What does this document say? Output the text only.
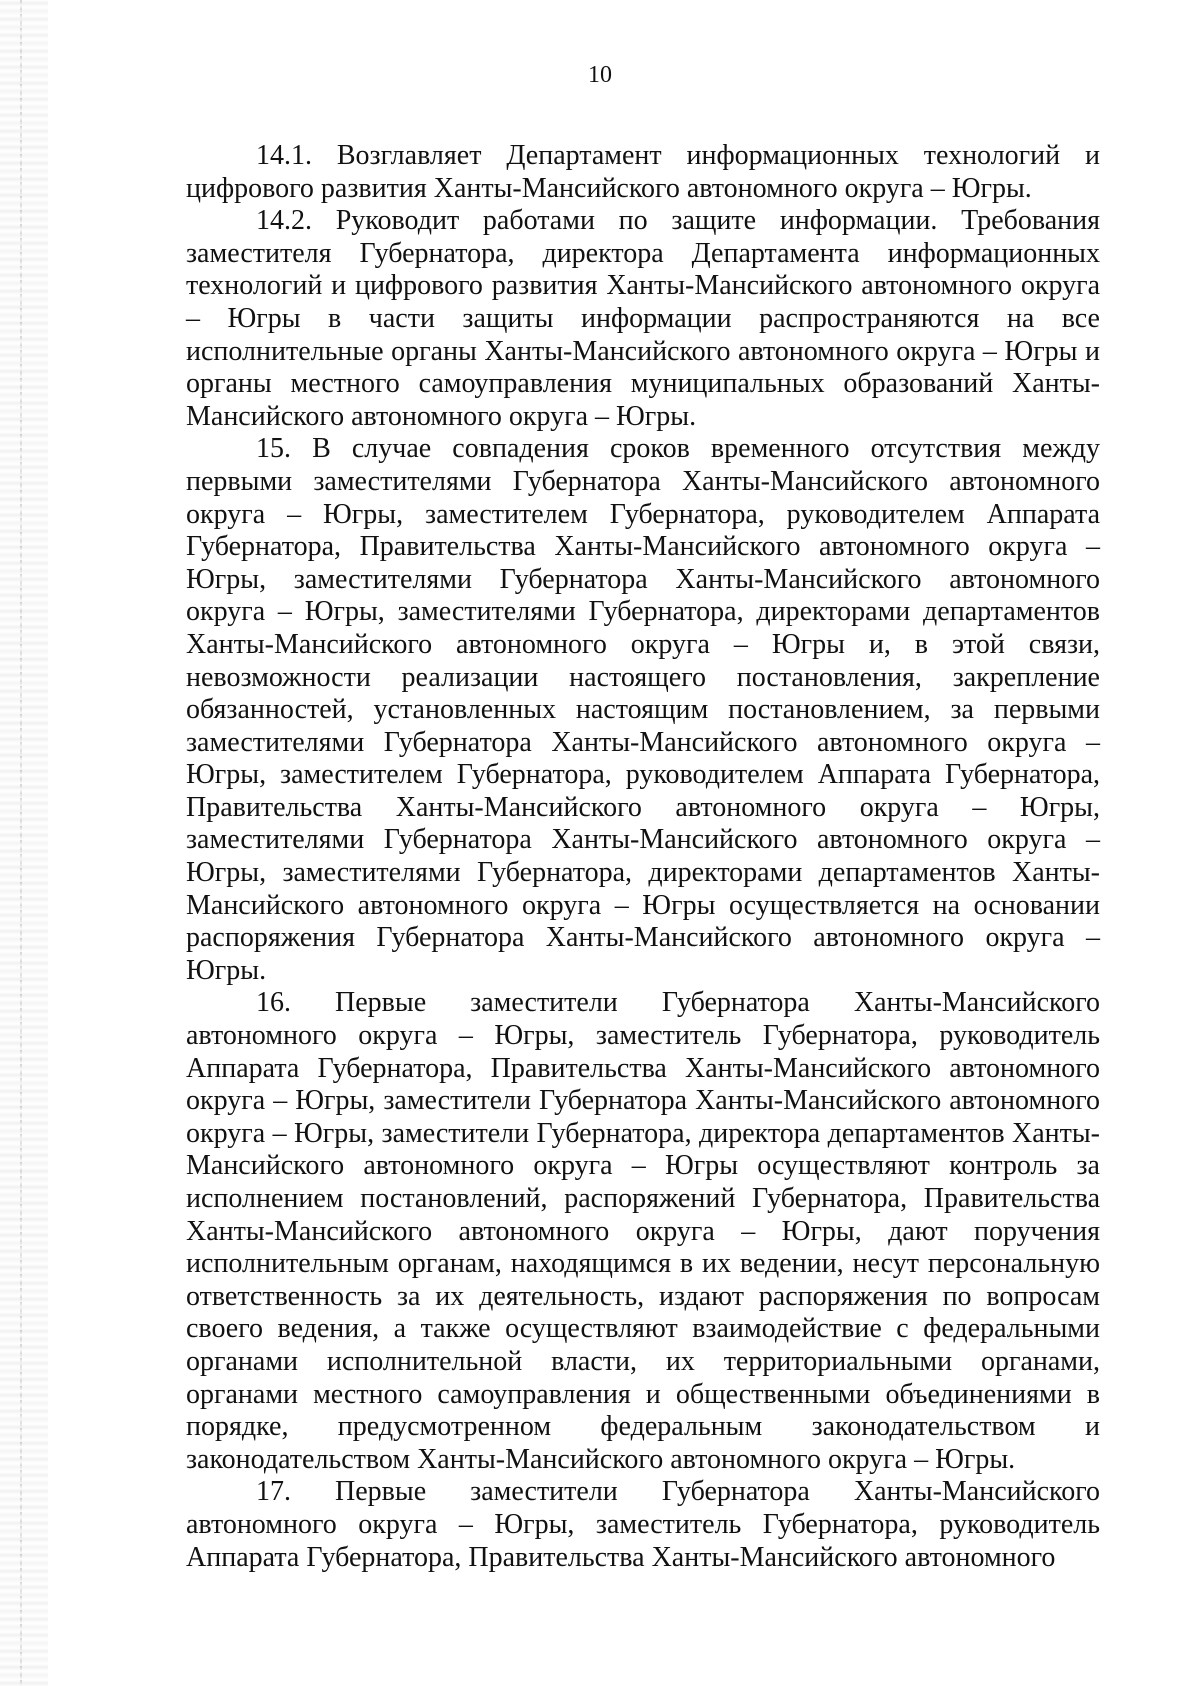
10

14.1. Возглавляет Департамент информационных технологий и цифрового развития Ханты-Мансийского автономного округа – Югры.

14.2. Руководит работами по защите информации. Требования заместителя Губернатора, директора Департамента информационных технологий и цифрового развития Ханты-Мансийского автономного округа – Югры в части защиты информации распространяются на все исполнительные органы Ханты-Мансийского автономного округа – Югры и органы местного самоуправления муниципальных образований Ханты-Мансийского автономного округа – Югры.

15. В случае совпадения сроков временного отсутствия между первыми заместителями Губернатора Ханты-Мансийского автономного округа – Югры, заместителем Губернатора, руководителем Аппарата Губернатора, Правительства Ханты-Мансийского автономного округа – Югры, заместителями Губернатора Ханты-Мансийского автономного округа – Югры, заместителями Губернатора, директорами департаментов Ханты-Мансийского автономного округа – Югры и, в этой связи, невозможности реализации настоящего постановления, закрепление обязанностей, установленных настоящим постановлением, за первыми заместителями Губернатора Ханты-Мансийского автономного округа – Югры, заместителем Губернатора, руководителем Аппарата Губернатора, Правительства Ханты-Мансийского автономного округа – Югры, заместителями Губернатора Ханты-Мансийского автономного округа – Югры, заместителями Губернатора, директорами департаментов Ханты-Мансийского автономного округа – Югры осуществляется на основании распоряжения Губернатора Ханты-Мансийского автономного округа – Югры.

16. Первые заместители Губернатора Ханты-Мансийского автономного округа – Югры, заместитель Губернатора, руководитель Аппарата Губернатора, Правительства Ханты-Мансийского автономного округа – Югры, заместители Губернатора Ханты-Мансийского автономного округа – Югры, заместители Губернатора, директора департаментов Ханты-Мансийского автономного округа – Югры осуществляют контроль за исполнением постановлений, распоряжений Губернатора, Правительства Ханты-Мансийского автономного округа – Югры, дают поручения исполнительным органам, находящимся в их ведении, несут персональную ответственность за их деятельность, издают распоряжения по вопросам своего ведения, а также осуществляют взаимодействие с федеральными органами исполнительной власти, их территориальными органами, органами местного самоуправления и общественными объединениями в порядке, предусмотренном федеральным законодательством и законодательством Ханты-Мансийского автономного округа – Югры.

17. Первые заместители Губернатора Ханты-Мансийского автономного округа – Югры, заместитель Губернатора, руководитель Аппарата Губернатора, Правительства Ханты-Мансийского автономного
